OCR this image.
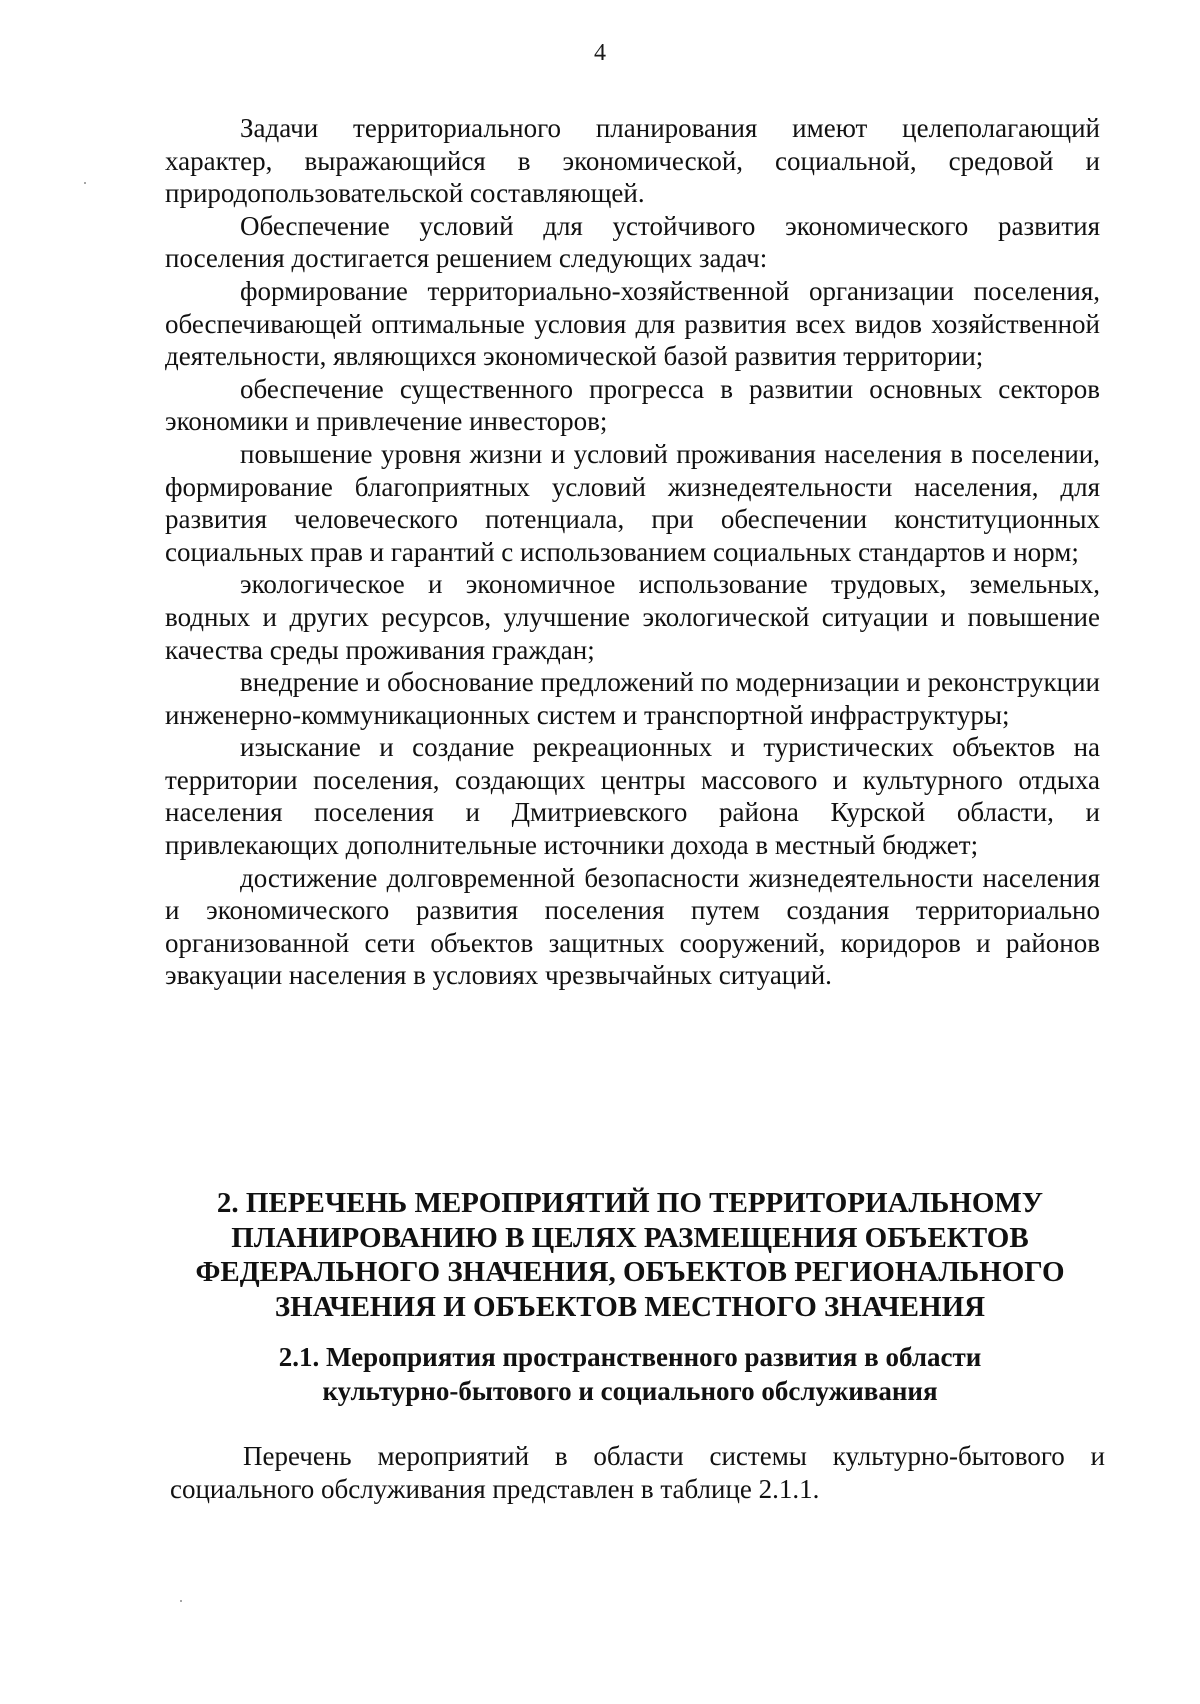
4

Задачи территориального планирования имеют целеполагающий характер, выражающийся в экономической, социальной, средовой и природопользовательской составляющей.

Обеспечение условий для устойчивого экономического развития поселения достигается решением следующих задач:

формирование территориально-хозяйственной организации поселения, обеспечивающей оптимальные условия для развития всех видов хозяйственной деятельности, являющихся экономической базой развития территории;

обеспечение существенного прогресса в развитии основных секторов экономики и привлечение инвесторов;

повышение уровня жизни и условий проживания населения в поселении, формирование благоприятных условий жизнедеятельности населения, для развития человеческого потенциала, при обеспечении конституционных социальных прав и гарантий с использованием социальных стандартов и норм;

экологическое и экономичное использование трудовых, земельных, водных и других ресурсов, улучшение экологической ситуации и повышение качества среды проживания граждан;

внедрение и обоснование предложений по модернизации и реконструкции инженерно-коммуникационных систем и транспортной инфраструктуры;

изыскание и создание рекреационных и туристических объектов на территории поселения, создающих центры массового и культурного отдыха населения поселения и Дмитриевского района Курской области, и привлекающих дополнительные источники дохода в местный бюджет;

достижение долговременной безопасности жизнедеятельности населения и экономического развития поселения путем создания территориально организованной сети объектов защитных сооружений, коридоров и районов эвакуации населения в условиях чрезвычайных ситуаций.

2. ПЕРЕЧЕНЬ МЕРОПРИЯТИЙ ПО ТЕРРИТОРИАЛЬНОМУ

ПЛАНИРОВАНИЮ В ЦЕЛЯХ РАЗМЕЩЕНИЯ ОБЪЕКТОВ

ФЕДЕРАЛЬНОГО ЗНАЧЕНИЯ, ОБЪЕКТОВ РЕГИОНАЛЬНОГО

ЗНАЧЕНИЯ И ОБЪЕКТОВ МЕСТНОГО ЗНАЧЕНИЯ

2.1. Мероприятия пространственного развития в области

культурно-бытового и социального обслуживания

Перечень мероприятий в области системы культурно-бытового и социального обслуживания представлен в таблице 2.1.1.
